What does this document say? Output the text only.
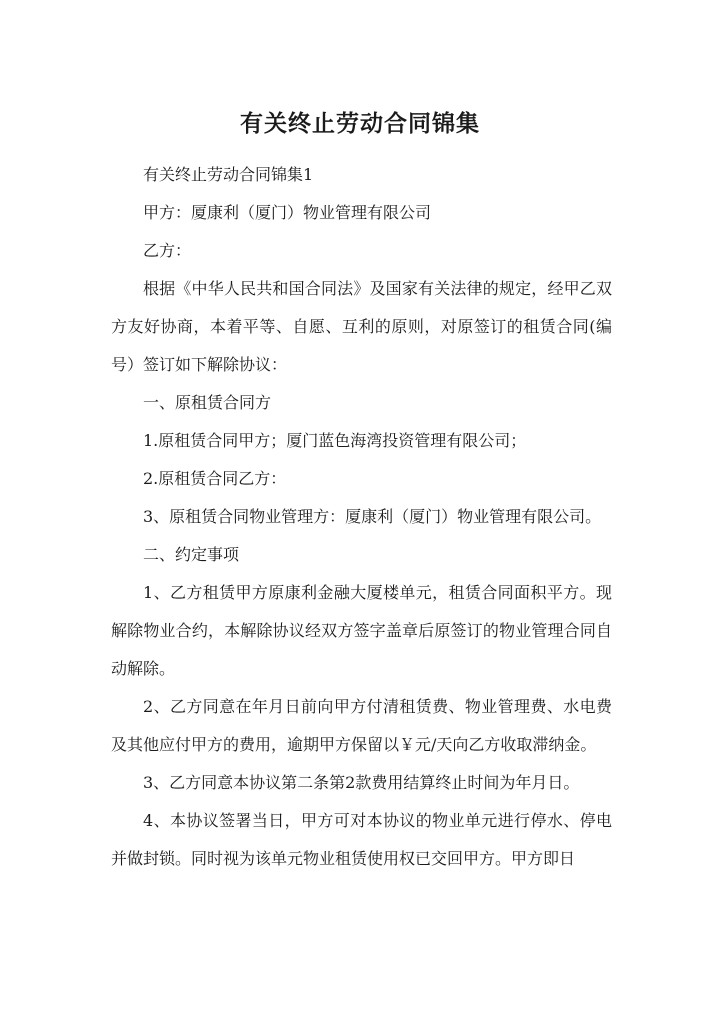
有关终止劳动合同锦集

有关终止劳动合同锦集1

甲方：厦康利（厦门）物业管理有限公司

乙方：

根据《中华人民共和国合同法》及国家有关法律的规定，经甲乙双方友好协商，本着平等、自愿、互利的原则，对原签订的租赁合同(编号）签订如下解除协议：

一、原租赁合同方

1.原租赁合同甲方；厦门蓝色海湾投资管理有限公司；

2.原租赁合同乙方：

3、原租赁合同物业管理方：厦康利（厦门）物业管理有限公司。

二、约定事项

1、乙方租赁甲方原康利金融大厦楼单元，租赁合同面积平方。现解除物业合约，本解除协议经双方签字盖章后原签订的物业管理合同自动解除。

2、乙方同意在年月日前向甲方付清租赁费、物业管理费、水电费及其他应付甲方的费用，逾期甲方保留以￥元/天向乙方收取滞纳金。

3、乙方同意本协议第二条第2款费用结算终止时间为年月日。

4、本协议签署当日，甲方可对本协议的物业单元进行停水、停电并做封锁。同时视为该单元物业租赁使用权已交回甲方。甲方即日
